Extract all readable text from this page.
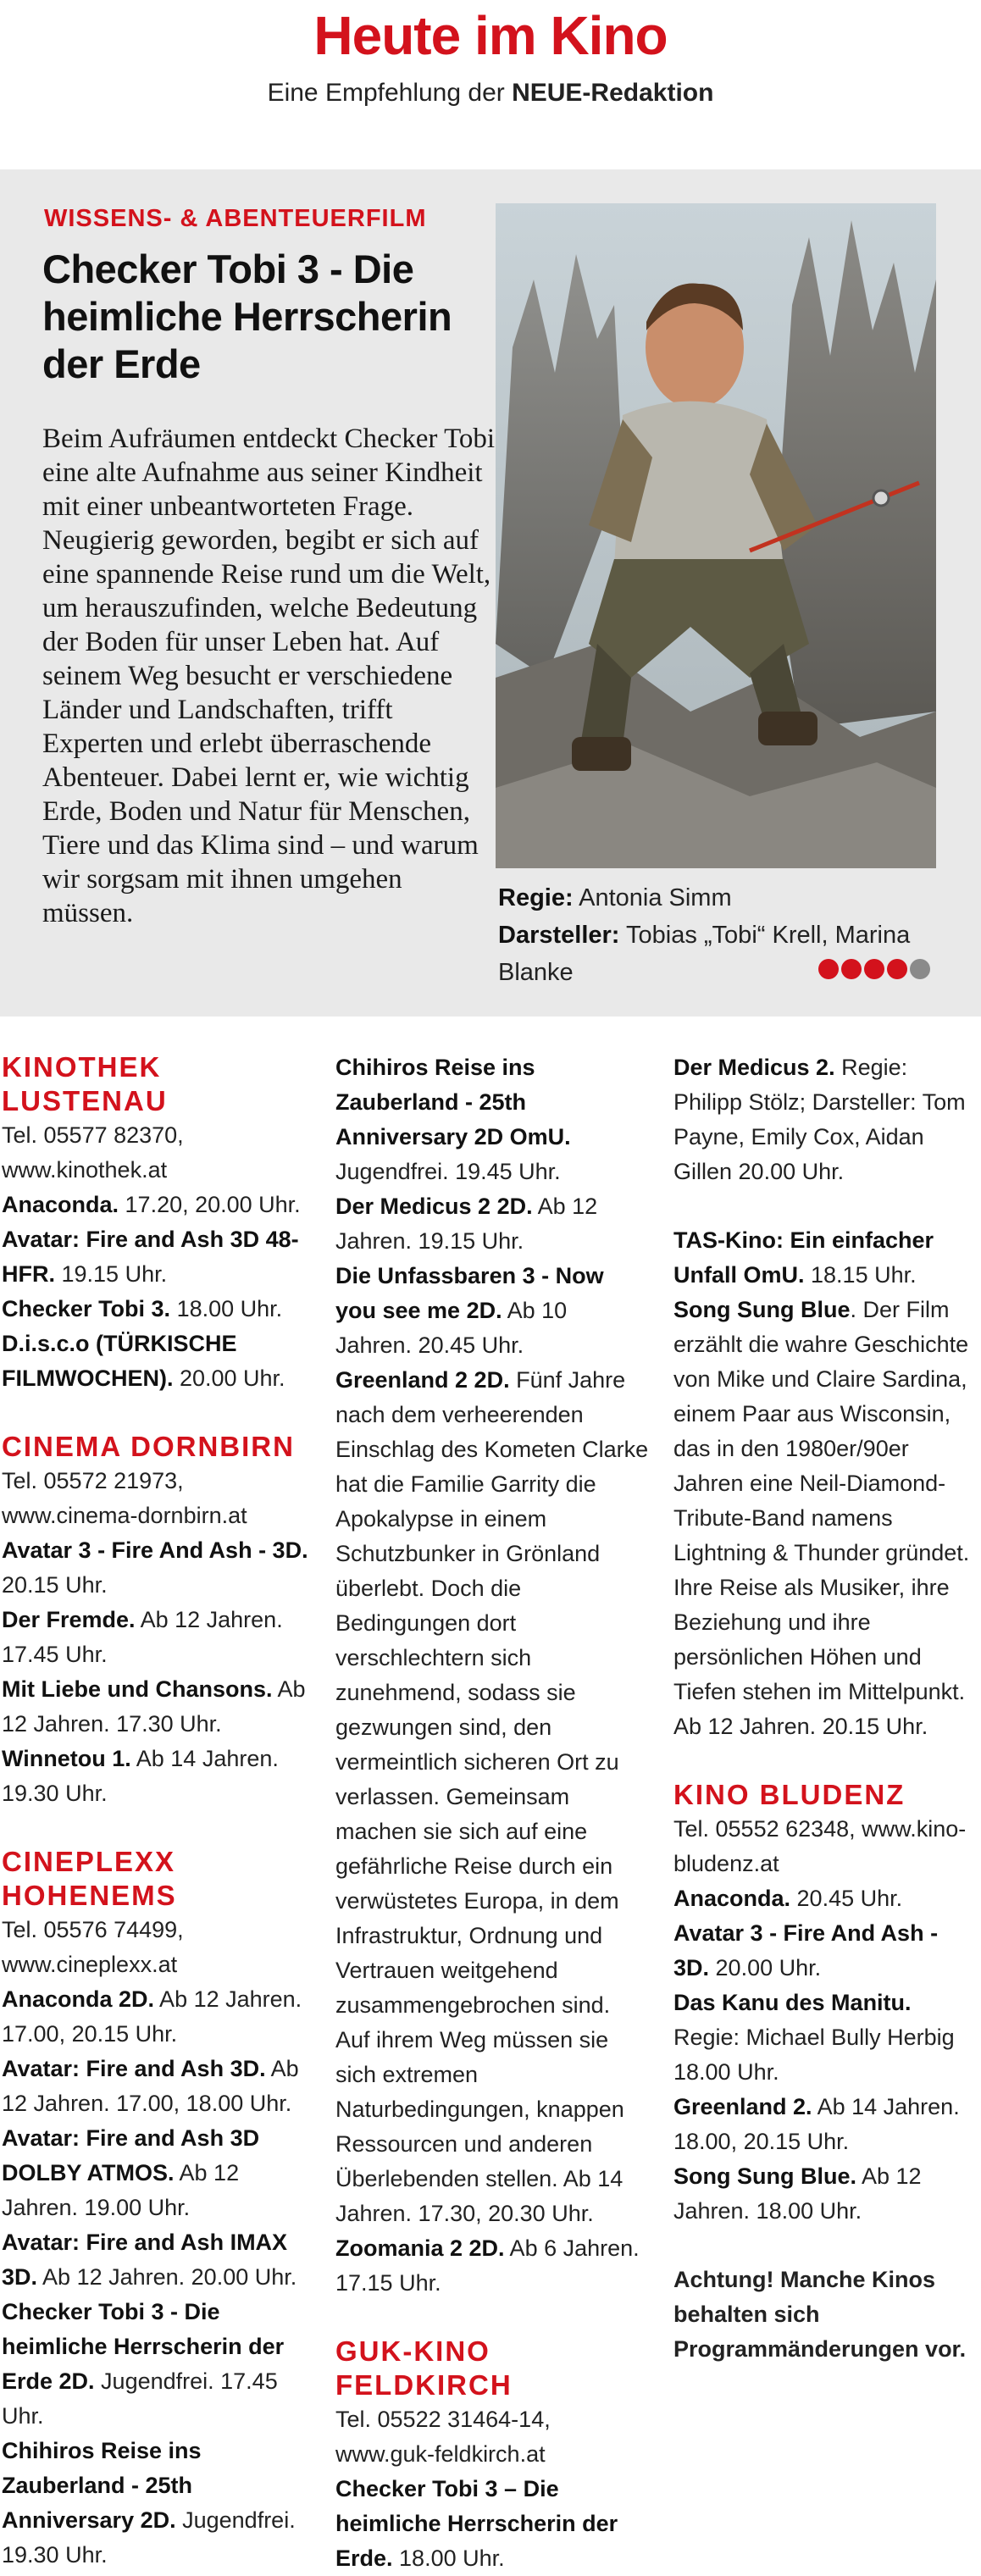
Heute im Kino
Eine Empfehlung der NEUE-Redaktion
WISSENS- & ABENTEUERFILM
Checker Tobi 3 - Die heimliche Herrscherin der Erde
Beim Aufräumen entdeckt Checker Tobi eine alte Aufnahme aus seiner Kindheit mit einer unbeantworteten Frage. Neugierig geworden, begibt er sich auf eine spannende Reise rund um die Welt, um herauszufinden, welche Bedeutung der Boden für unser Leben hat. Auf seinem Weg besucht er verschiedene Länder und Landschaften, trifft Experten und erlebt überraschende Abenteuer. Dabei lernt er, wie wichtig Erde, Boden und Natur für Menschen, Tiere und das Klima sind – und warum wir sorgsam mit ihnen umgehen müssen.	Regie: Antonia Simm
Darsteller: Tobias „Tobi“ Krell, Marina Blanke

KINOTHEK LUSTENAU

Tel. 05577 82370, www.kinothek.at

Anaconda. 17.20, 20.00 Uhr.

Avatar: Fire and Ash 3D 48-HFR. 19.15 Uhr.

Checker Tobi 3. 18.00 Uhr.

D.i.s.c.o (TÜRKISCHE FILMWOCHEN). 20.00 Uhr.

CINEMA DORNBIRN

Tel. 05572 21973, www.cinema-dornbirn.at

Avatar 3 - Fire And Ash - 3D. 20.15 Uhr.

Der Fremde. Ab 12 Jahren. 17.45 Uhr.

Mit Liebe und Chansons. Ab 12 Jahren. 17.30 Uhr.

Winnetou 1. Ab 14 Jahren. 19.30 Uhr.

CINEPLEXX HOHENEMS

Tel. 05576 74499, www.cineplexx.at

Anaconda 2D. Ab 12 Jahren. 17.00, 20.15 Uhr.

Avatar: Fire and Ash 3D. Ab 12 Jahren. 17.00, 18.00 Uhr.

Avatar: Fire and Ash 3D DOLBY ATMOS. Ab 12 Jahren. 19.00 Uhr.

Avatar: Fire and Ash IMAX 3D. Ab 12 Jahren. 20.00 Uhr.

Checker Tobi 3 - Die heimliche Herrscherin der Erde 2D. Jugendfrei. 17.45 Uhr.

Chihiros Reise ins Zauberland - 25th Anniversary 2D. Jugendfrei. 19.30 Uhr.

Chihiros Reise ins Zauberland - 25th Anniversary 2D OmU. Jugendfrei. 19.45 Uhr.

Der Medicus 2 2D. Ab 12 Jahren. 19.15 Uhr.

Die Unfassbaren 3 - Now you see me 2D. Ab 10 Jahren. 20.45 Uhr.

Greenland 2 2D. Fünf Jahre nach dem verheerenden Einschlag des Kometen Clarke hat die Familie Garrity die Apokalypse in einem Schutzbunker in Grönland überlebt. Doch die Bedingungen dort verschlechtern sich zunehmend, sodass sie gezwungen sind, den vermeintlich sicheren Ort zu verlassen. Gemeinsam machen sie sich auf eine gefährliche Reise durch ein verwüstetes Europa, in dem Infrastruktur, Ordnung und Vertrauen weitgehend zusammengebrochen sind. Auf ihrem Weg müssen sie sich extremen Naturbedingungen, knappen Ressourcen und anderen Überlebenden stellen. Ab 14 Jahren. 17.30, 20.30 Uhr.

Zoomania 2 2D. Ab 6 Jahren. 17.15 Uhr.

GUK-KINO FELDKIRCH

Tel. 05522 31464-14, www.guk-feldkirch.at

Checker Tobi 3 – Die heimliche Herrscherin der Erde. 18.00 Uhr.

Der Medicus 2. Regie: Philipp Stölz; Darsteller: Tom Payne, Emily Cox, Aidan Gillen 20.00 Uhr.

TAS-Kino: Ein einfacher Unfall OmU. 18.15 Uhr.

Song Sung Blue. Der Film erzählt die wahre Geschichte von Mike und Claire Sardina, einem Paar aus Wisconsin, das in den 1980er/90er Jahren eine Neil-Diamond-Tribute-Band namens Lightning & Thunder gründet. Ihre Reise als Musiker, ihre Beziehung und ihre persönlichen Höhen und Tiefen stehen im Mittelpunkt. Ab 12 Jahren. 20.15 Uhr.

KINO BLUDENZ

Tel. 05552 62348, www.kino-bludenz.at

Anaconda. 20.45 Uhr.

Avatar 3 - Fire And Ash - 3D. 20.00 Uhr.

Das Kanu des Manitu. Regie: Michael Bully Herbig 18.00 Uhr.

Greenland 2. Ab 14 Jahren. 18.00, 20.15 Uhr.

Song Sung Blue. Ab 12 Jahren. 18.00 Uhr.

Achtung! Manche Kinos behalten sich Programmänderungen vor.
